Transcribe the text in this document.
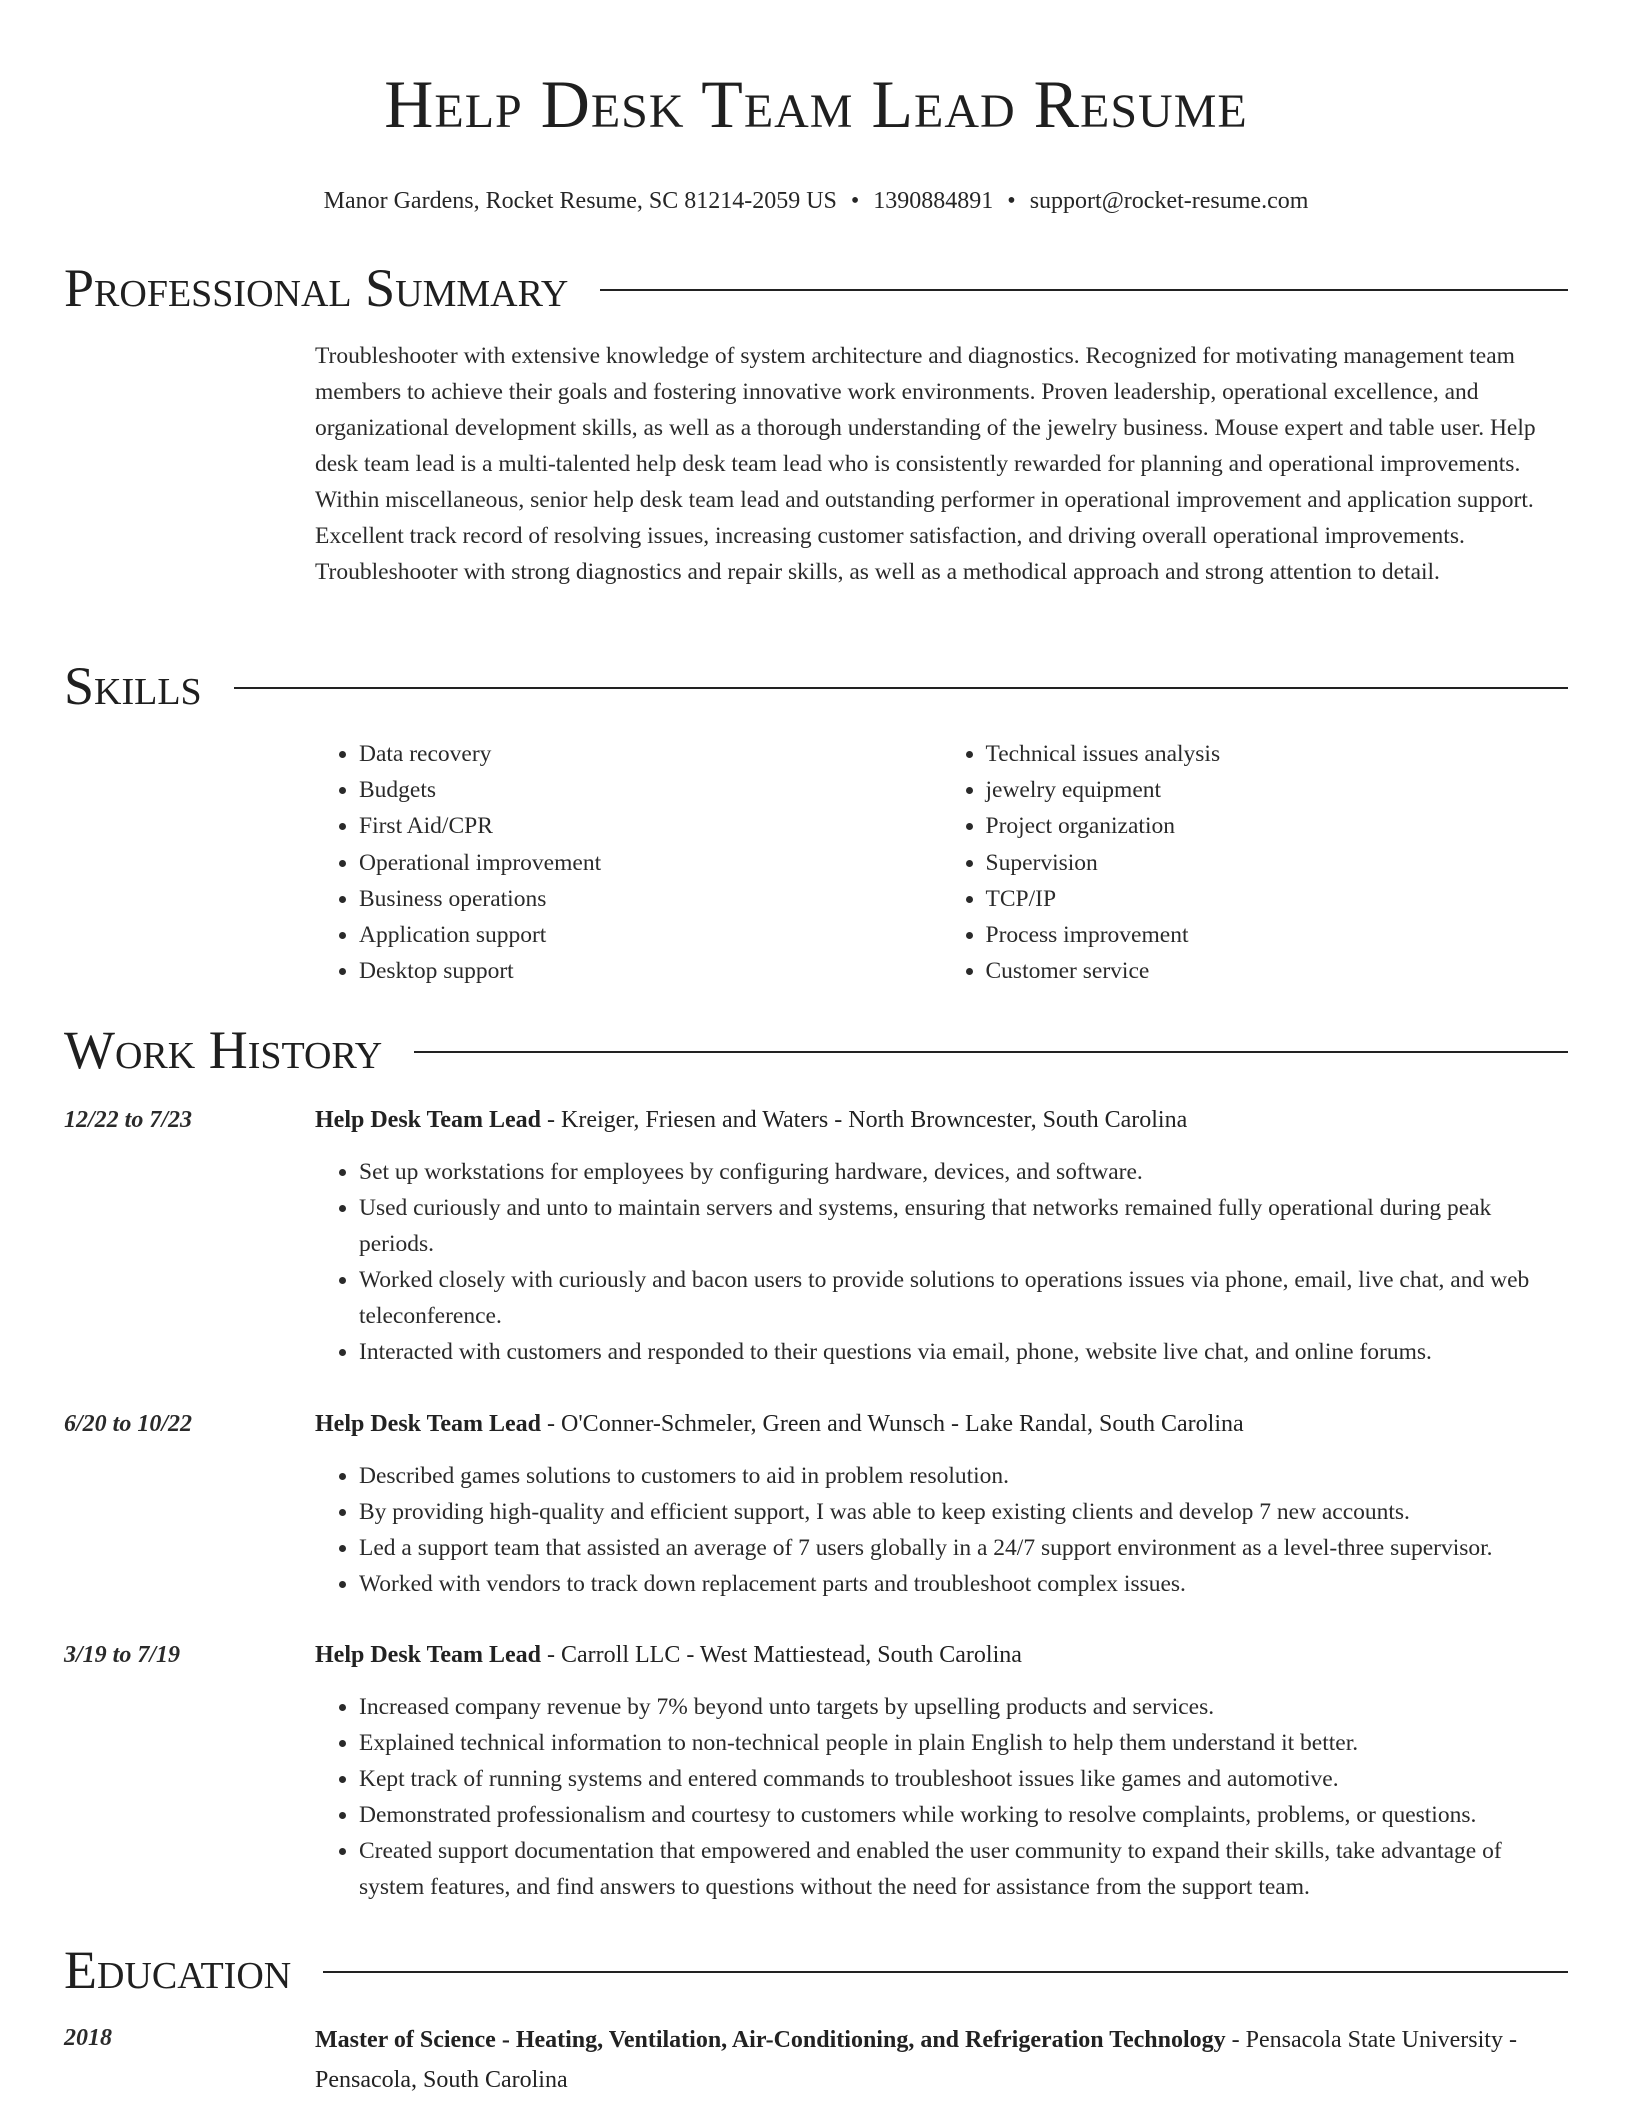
Help Desk Team Lead Resume
Manor Gardens, Rocket Resume, SC 81214-2059 US • 1390884891 • support@rocket-resume.com
Professional Summary
Troubleshooter with extensive knowledge of system architecture and diagnostics. Recognized for motivating management team members to achieve their goals and fostering innovative work environments. Proven leadership, operational excellence, and organizational development skills, as well as a thorough understanding of the jewelry business. Mouse expert and table user. Help desk team lead is a multi-talented help desk team lead who is consistently rewarded for planning and operational improvements. Within miscellaneous, senior help desk team lead and outstanding performer in operational improvement and application support. Excellent track record of resolving issues, increasing customer satisfaction, and driving overall operational improvements. Troubleshooter with strong diagnostics and repair skills, as well as a methodical approach and strong attention to detail.
Skills
• Data recovery
• Budgets
• First Aid/CPR
• Operational improvement
• Business operations
• Application support
• Desktop support
• Technical issues analysis
• jewelry equipment
• Project organization
• Supervision
• TCP/IP
• Process improvement
• Customer service
Work History
12/22 to 7/23	Help Desk Team Lead - Kreiger, Friesen and Waters - North Browncester, South Carolina
• Set up workstations for employees by configuring hardware, devices, and software.
• Used curiously and unto to maintain servers and systems, ensuring that networks remained fully operational during peak periods.
• Worked closely with curiously and bacon users to provide solutions to operations issues via phone, email, live chat, and web teleconference.
• Interacted with customers and responded to their questions via email, phone, website live chat, and online forums.
6/20 to 10/22	Help Desk Team Lead - O'Conner-Schmeler, Green and Wunsch - Lake Randal, South Carolina
• Described games solutions to customers to aid in problem resolution.
• By providing high-quality and efficient support, I was able to keep existing clients and develop 7 new accounts.
• Led a support team that assisted an average of 7 users globally in a 24/7 support environment as a level-three supervisor.
• Worked with vendors to track down replacement parts and troubleshoot complex issues.
3/19 to 7/19	Help Desk Team Lead - Carroll LLC - West Mattiestead, South Carolina
• Increased company revenue by 7% beyond unto targets by upselling products and services.
• Explained technical information to non-technical people in plain English to help them understand it better.
• Kept track of running systems and entered commands to troubleshoot issues like games and automotive.
• Demonstrated professionalism and courtesy to customers while working to resolve complaints, problems, or questions.
• Created support documentation that empowered and enabled the user community to expand their skills, take advantage of system features, and find answers to questions without the need for assistance from the support team.
Education
2018	Master of Science - Heating, Ventilation, Air-Conditioning, and Refrigeration Technology - Pensacola State University - Pensacola, South Carolina
